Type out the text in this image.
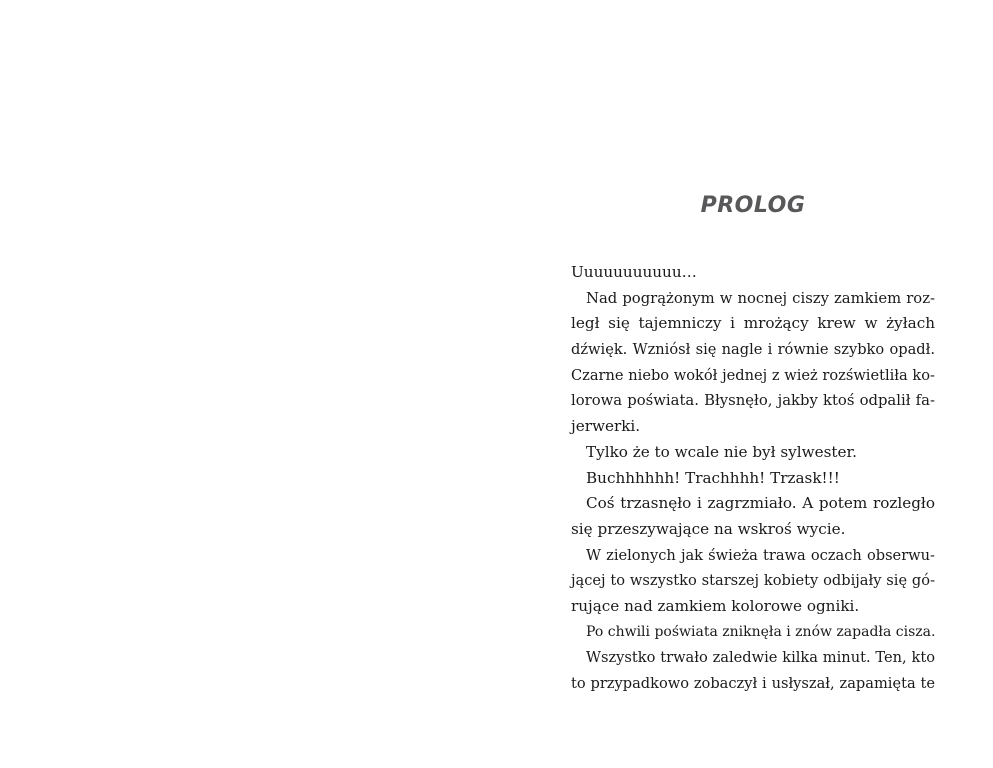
PROLOG
Uuuuuuuuuuu…
Nad pogrążonym w nocnej ciszy zamkiem roz-
legł się tajemniczy i mrożący krew w żyłach
dźwięk. Wzniósł się nagle i równie szybko opadł.
Czarne niebo wokół jednej z wież rozświetliła ko-
lorowa poświata. Błysnęło, jakby ktoś odpalił fa-
jerwerki.
Tylko że to wcale nie był sylwester.
Buchhhhhh! Trachhhh! Trzask!!!
Coś trzasnęło i zagrzmiało. A potem rozległo
się przeszywające na wskroś wycie.
W zielonych jak świeża trawa oczach obserwu-
jącej to wszystko starszej kobiety odbijały się gó-
rujące nad zamkiem kolorowe ogniki.
Po chwili poświata zniknęła i znów zapadła cisza.
Wszystko trwało zaledwie kilka minut. Ten, kto
to przypadkowo zobaczył i usłyszał, zapamięta te
